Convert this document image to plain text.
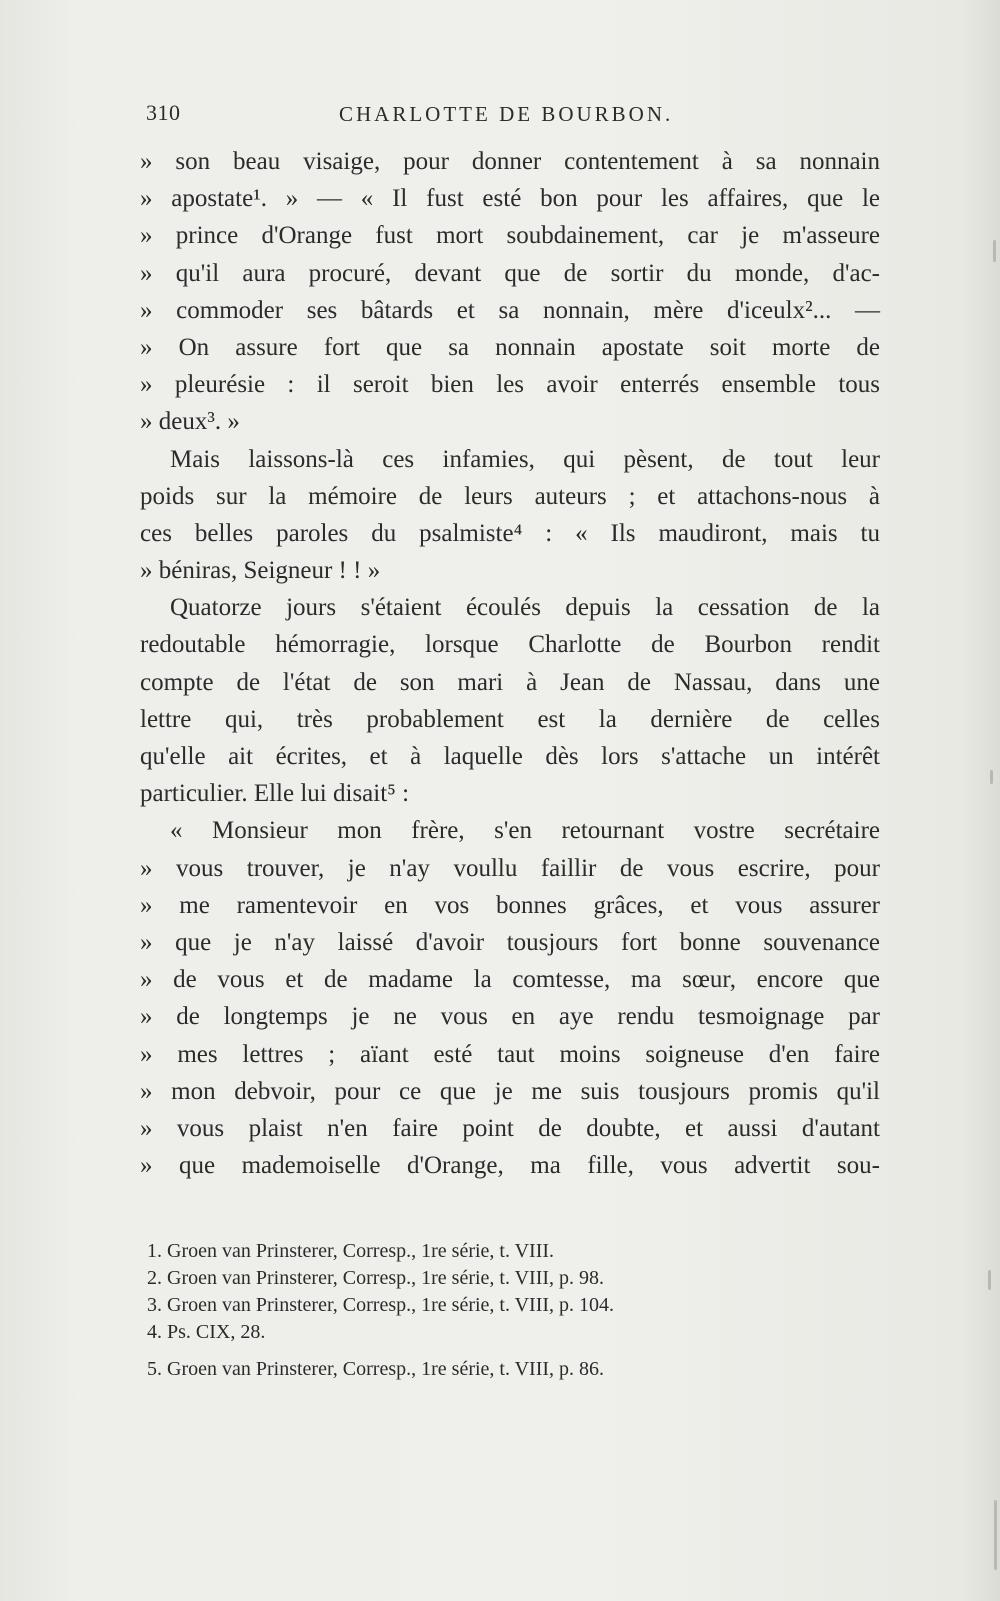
310	CHARLOTTE DE BOURBON.
» son beau visaige, pour donner contentement à sa nonnain
» apostate¹. » — « Il fust esté bon pour les affaires, que le
» prince d'Orange fust mort soubdainement, car je m'asseure
» qu'il aura procuré, devant que de sortir du monde, d'ac-
» commoder ses bâtards et sa nonnain, mère d'iceulx²... —
» On assure fort que sa nonnain apostate soit morte de
» pleurésie : il seroit bien les avoir enterrés ensemble tous
» deux³. »
Mais laissons-là ces infamies, qui pèsent, de tout leur
poids sur la mémoire de leurs auteurs ; et attachons-nous à
ces belles paroles du psalmiste⁴ : « Ils maudiront, mais tu
» béniras, Seigneur ! ! »
Quatorze jours s'étaient écoulés depuis la cessation de la
redoutable hémorragie, lorsque Charlotte de Bourbon rendit
compte de l'état de son mari à Jean de Nassau, dans une
lettre qui, très probablement est la dernière de celles
qu'elle ait écrites, et à laquelle dès lors s'attache un intérêt
particulier. Elle lui disait⁵ :
« Monsieur mon frère, s'en retournant vostre secrétaire
» vous trouver, je n'ay voullu faillir de vous escrire, pour
» me ramentevoir en vos bonnes grâces, et vous assurer
» que je n'ay laissé d'avoir tousjours fort bonne souvenance
» de vous et de madame la comtesse, ma sœur, encore que
» de longtemps je ne vous en aye rendu tesmoignage par
» mes lettres ; aïant esté taut moins soigneuse d'en faire
» mon debvoir, pour ce que je me suis tousjours promis qu'il
» vous plaist n'en faire point de doubte, et aussi d'autant
» que mademoiselle d'Orange, ma fille, vous advertit sou-
1. Groen van Prinsterer, Corresp., 1re série, t. VIII.
2. Groen van Prinsterer, Corresp., 1re série, t. VIII, p. 98.
3. Groen van Prinsterer, Corresp., 1re série, t. VIII, p. 104.
4. Ps. CIX, 28.
5. Groen van Prinsterer, Corresp., 1re série, t. VIII, p. 86.
